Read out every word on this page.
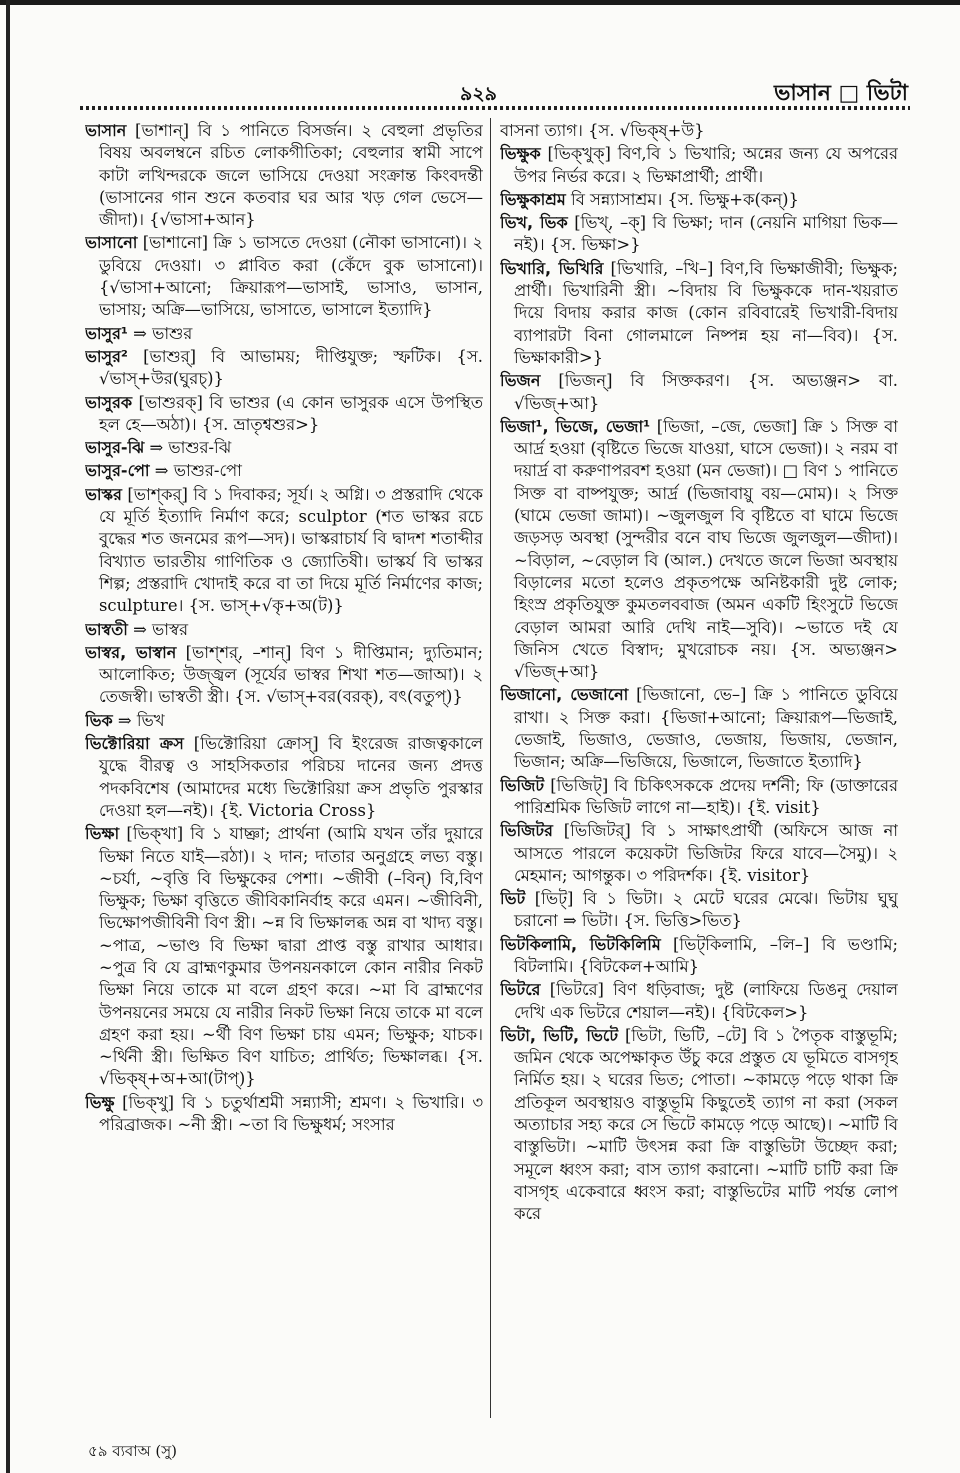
৯২৯	ভাসান □ ভিটা

ভাসান [ভাশান্] বি ১ পানিতে বিসর্জন। ২ বেহুলা প্রভৃতির বিষয় অবলম্বনে রচিত লোকগীতিকা; বেহুলার স্বামী সাপে কাটা লখিন্দরকে জলে ভাসিয়ে দেওয়া সংক্রান্ত কিংবদন্তী (ভাসানের গান শুনে কতবার ঘর আর খড় গেল ভেসে—জীদা)। {√ভাসা+আন}

ভাসানো [ভাশানো] ক্রি ১ ভাসতে দেওয়া (নৌকা ভাসানো)। ২ ডুবিয়ে দেওয়া। ৩ প্লাবিত করা (কেঁদে বুক ভাসানো)। {√ভাসা+আনো; ক্রিয়ারূপ—ভাসাই, ভাসাও, ভাসান, ভাসায়; অক্রি—ভাসিয়ে, ভাসাতে, ভাসালে ইত্যাদি}

ভাসুর¹ ⇒ ভাশুর

ভাসুর² [ভাশুর্] বি আভাময়; দীপ্তিযুক্ত; স্ফটিক। {স. √ভাস্+উর(ঘুরচ্)}

ভাসুরক [ভাশুরক্] বি ভাশুর (এ কোন ভাসুরক এসে উপস্থিত হল হে—অঠা)। {স. ভ্রাতৃশ্বশুর>}

ভাসুর-ঝি ⇒ ভাশুর-ঝি

ভাসুর-পো ⇒ ভাশুর-পো

ভাস্কর [ভাশ্কর্] বি ১ দিবাকর; সূর্য। ২ অগ্নি। ৩ প্রস্তরাদি থেকে যে মূর্তি ইত্যাদি নির্মাণ করে; sculptor (শত ভাস্কর রচে বুদ্ধের শত জনমের রূপ—সদ)। ভাস্করাচার্য বি দ্বাদশ শতাব্দীর বিখ্যাত ভারতীয় গাণিতিক ও জ্যোতিষী। ভাস্কর্য বি ভাস্কর শিল্প; প্রস্তরাদি খোদাই করে বা তা দিয়ে মূর্তি নির্মাণের কাজ; sculpture। {স. ভাস্+√কৃ+অ(ট)}

ভাস্বতী ⇒ ভাস্বর

ভাস্বর, ভাস্বান [ভাশ্শর্, –শান্] বিণ ১ দীপ্তিমান; দ্যুতিমান; আলোকিত; উজ্জ্বল (সূর্যের ভাস্বর শিখা শত—জাআ)। ২ তেজস্বী। ভাস্বতী স্ত্রী। {স. √ভাস্+বর(বরক্), বৎ(বতুপ্)}

ভিক ⇒ ভিখ

ভিক্টোরিয়া ক্রস [ভিক্টোরিয়া ক্রোস্] বি ইংরেজ রাজত্বকালে যুদ্ধে বীরত্ব ও সাহসিকতার পরিচয় দানের জন্য প্রদত্ত পদকবিশেষ (আমাদের মধ্যে ভিক্টোরিয়া ক্রস প্রভৃতি পুরস্কার দেওয়া হল—নই)। {ই. Victoria Cross}

ভিক্ষা [ভিক্‌খা] বি ১ যাচ্ঞা; প্রার্থনা (আমি যখন তাঁর দুয়ারে ভিক্ষা নিতে যাই—রঠা)। ২ দান; দাতার অনুগ্রহে লভ্য বস্তু। ~চর্যা, ~বৃত্তি বি ভিক্ষুকের পেশা। ~জীবী (–বিন্) বি,বিণ ভিক্ষুক; ভিক্ষা বৃত্তিতে জীবিকানির্বাহ করে এমন। ~জীবিনী, ভিক্ষোপজীবিনী বিণ স্ত্রী। ~ন্ন বি ভিক্ষালব্ধ অন্ন বা খাদ্য বস্তু। ~পাত্র, ~ভাণ্ড বি ভিক্ষা দ্বারা প্রাপ্ত বস্তু রাখার আধার। ~পুত্র বি যে ব্রাহ্মণকুমার উপনয়নকালে কোন নারীর নিকট ভিক্ষা নিয়ে তাকে মা বলে গ্রহণ করে। ~মা বি ব্রাহ্মণের উপনয়নের সময়ে যে নারীর নিকট ভিক্ষা নিয়ে তাকে মা বলে গ্রহণ করা হয়। ~র্থী বিণ ভিক্ষা চায় এমন; ভিক্ষুক; যাচক। ~র্থিনী স্ত্রী। ভিক্ষিত বিণ যাচিত; প্রার্থিত; ভিক্ষালব্ধ। {স. √ভিক্ষ্+অ+আ(টাপ্)}

ভিক্ষু [ভিক্‌খু] বি ১ চতুর্থাশ্রমী সন্ন্যাসী; শ্রমণ। ২ ভিখারি। ৩ পরিব্রাজক। ~নী স্ত্রী। ~তা বি ভিক্ষুধর্ম; সংসার

বাসনা ত্যাগ। {স. √ভিক্ষ্+উ}

ভিক্ষুক [ভিক্‌খুক্] বিণ,বি ১ ভিখারি; অন্নের জন্য যে অপরের উপর নির্ভর করে। ২ ভিক্ষাপ্রার্থী; প্রার্থী।

ভিক্ষুকাশ্রম বি সন্ন্যাসাশ্রম। {স. ভিক্ষু+ক(কন্)}

ভিখ, ভিক [ভিখ্, –ক্] বি ভিক্ষা; দান (নেয়নি মাগিয়া ভিক—নই)। {স. ভিক্ষা>}

ভিখারি, ভিখিরি [ভিখারি, –খি–] বিণ,বি ভিক্ষাজীবী; ভিক্ষুক; প্রার্থী। ভিখারিনী স্ত্রী। ~বিদায় বি ভিক্ষুককে দান-খয়রাত দিয়ে বিদায় করার কাজ (কোন রবিবারেই ভিখারী-বিদায় ব্যাপারটা বিনা গোলমালে নিষ্পন্ন হয় না—বিব)। {স. ভিক্ষাকারী>}

ভিজন [ভিজন্] বি সিক্তকরণ। {স. অভ্যঞ্জন> বা. √ভিজ্+আ}

ভিজা¹, ভিজে, ভেজা¹ [ভিজা, –জে, ভেজা] ক্রি ১ সিক্ত বা আর্দ্র হওয়া (বৃষ্টিতে ভিজে যাওয়া, ঘাসে ভেজা)। ২ নরম বা দয়ার্দ্র বা করুণাপরবশ হওয়া (মন ভেজা)। □ বিণ ১ পানিতে সিক্ত বা বাষ্পযুক্ত; আর্দ্র (ভিজাবায়ু বয়—মোম)। ২ সিক্ত (ঘামে ভেজা জামা)। ~জুলজুল বি বৃষ্টিতে বা ঘামে ভিজে জড়সড় অবস্থা (সুন্দরীর বনে বাঘ ভিজে জুলজুল—জীদা)। ~বিড়াল, ~বেড়াল বি (আল.) দেখতে জলে ভিজা অবস্থায় বিড়ালের মতো হলেও প্রকৃতপক্ষে অনিষ্টকারী দুষ্ট লোক; হিংস্র প্রকৃতিযুক্ত কুমতলববাজ (অমন একটি হিংসুটে ভিজে বেড়াল আমরা আরি দেখি নাই—সুবি)। ~ভাতে দই যে জিনিস খেতে বিস্বাদ; মুখরোচক নয়। {স. অভ্যঞ্জন> √ভিজ্+আ}

ভিজানো, ভেজানো [ভিজানো, ভে–] ক্রি ১ পানিতে ডুবিয়ে রাখা। ২ সিক্ত করা। {ভিজা+আনো; ক্রিয়ারূপ—ভিজাই, ভেজাই, ভিজাও, ভেজাও, ভেজায়, ভিজায়, ভেজান, ভিজান; অক্রি—ভিজিয়ে, ভিজালে, ভিজাতে ইত্যাদি}

ভিজিট [ভিজিট্] বি চিকিৎসককে প্রদেয় দর্শনী; ফি (ডাক্তারের পারিশ্রমিক ভিজিট লাগে না—হাই)। {ই. visit}

ভিজিটর [ভিজিটর্] বি ১ সাক্ষাৎপ্রার্থী (অফিসে আজ না আসতে পারলে কয়েকটা ভিজিটর ফিরে যাবে—সৈমু)। ২ মেহমান; আগন্তুক। ৩ পরিদর্শক। {ই. visitor}

ভিট [ভিট্] বি ১ ভিটা। ২ মেটে ঘরের মেঝে। ভিটায় ঘুঘু চরানো ⇒ ভিটা। {স. ভিত্তি>ভিত}

ভিটকিলামি, ভিটকিলিমি [ভিট্‌কিলামি, –লি–] বি ভণ্ডামি; বিটলামি। {বিটকেল+আমি}

ভিটরে [ভিটরে] বিণ ধড়িবাজ; দুষ্ট (লাফিয়ে ডিঙনু দেয়াল দেখি এক ভিটরে শেয়াল—নই)। {বিটকেল>}

ভিটা, ভিটি, ভিটে [ভিটা, ভিটি, –টে] বি ১ পৈতৃক বাস্তুভূমি; জমিন থেকে অপেক্ষাকৃত উঁচু করে প্রস্তুত যে ভূমিতে বাসগৃহ নির্মিত হয়। ২ ঘরের ভিত; পোতা। ~কামড়ে পড়ে থাকা ক্রি প্রতিকূল অবস্থায়ও বাস্তুভূমি কিছুতেই ত্যাগ না করা (সকল অত্যাচার সহ্য করে সে ভিটে কামড়ে পড়ে আছে)। ~মাটি বি বাস্তুভিটা। ~মাটি উৎসন্ন করা ক্রি বাস্তুভিটা উচ্ছেদ করা; সমূলে ধ্বংস করা; বাস ত্যাগ করানো। ~মাটি চাটি করা ক্রি বাসগৃহ একেবারে ধ্বংস করা; বাস্তুভিটের মাটি পর্যন্ত লোপ করে

৫৯ ব্যবাঅ (সু)
